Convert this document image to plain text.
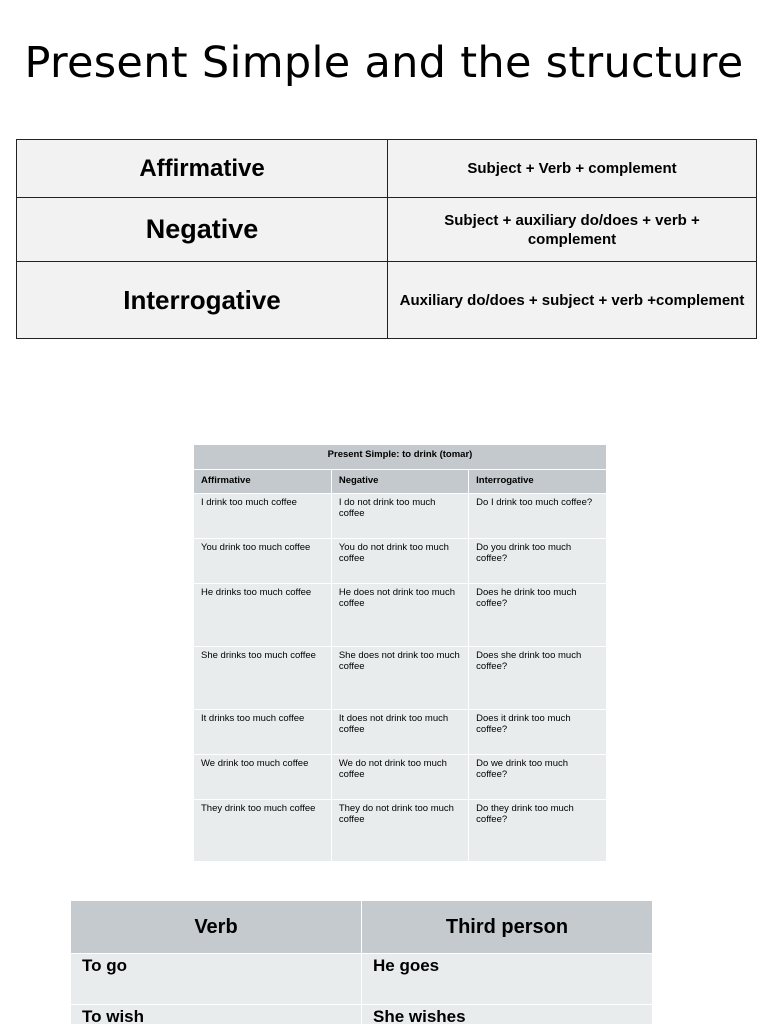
Present Simple and the structure
Affirmative	Subject + Verb + complement
Negative	Subject + auxiliary do/does + verb + complement
Interrogative	Auxiliary do/does + subject + verb +complement
Present Simple: to drink (tomar)		
Affirmative	Negative	Interrogative
I drink too much coffee	I do not drink too much coffee	Do I drink too much coffee?
You drink too much coffee	You do not drink too much coffee	Do you drink too much coffee?
He drinks too much coffee	He does not drink too much coffee	Does he drink too much coffee?
She drinks too much coffee	She does not drink too much coffee	Does she drink too much coffee?
It drinks too much coffee	It does not drink too much coffee	Does it drink too much coffee?
We drink too much coffee	We do not drink too much coffee	Do we drink too much coffee?
They drink too much coffee	They do not drink too much coffee	Do they drink too much coffee?
Verb	Third person
To go	He goes
To wish	She wishes
